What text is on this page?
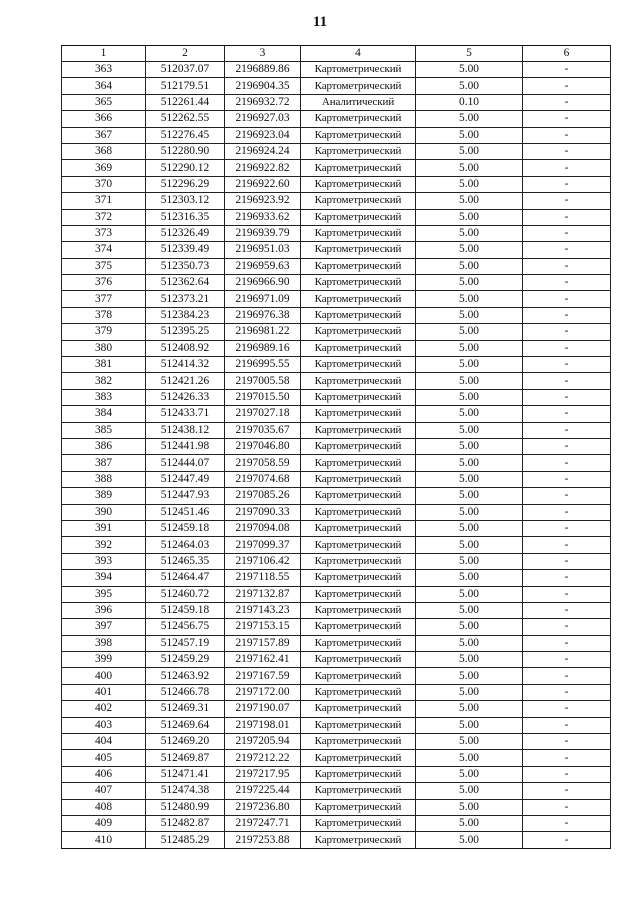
11
1	2	3	4	5	6
363	512037.07	2196889.86	Картометрический	5.00	-
364	512179.51	2196904.35	Картометрический	5.00	-
365	512261.44	2196932.72	Аналитический	0.10	-
366	512262.55	2196927.03	Картометрический	5.00	-
367	512276.45	2196923.04	Картометрический	5.00	-
368	512280.90	2196924.24	Картометрический	5.00	-
369	512290.12	2196922.82	Картометрический	5.00	-
370	512296.29	2196922.60	Картометрический	5.00	-
371	512303.12	2196923.92	Картометрический	5.00	-
372	512316.35	2196933.62	Картометрический	5.00	-
373	512326.49	2196939.79	Картометрический	5.00	-
374	512339.49	2196951.03	Картометрический	5.00	-
375	512350.73	2196959.63	Картометрический	5.00	-
376	512362.64	2196966.90	Картометрический	5.00	-
377	512373.21	2196971.09	Картометрический	5.00	-
378	512384.23	2196976.38	Картометрический	5.00	-
379	512395.25	2196981.22	Картометрический	5.00	-
380	512408.92	2196989.16	Картометрический	5.00	-
381	512414.32	2196995.55	Картометрический	5.00	-
382	512421.26	2197005.58	Картометрический	5.00	-
383	512426.33	2197015.50	Картометрический	5.00	-
384	512433.71	2197027.18	Картометрический	5.00	-
385	512438.12	2197035.67	Картометрический	5.00	-
386	512441.98	2197046.80	Картометрический	5.00	-
387	512444.07	2197058.59	Картометрический	5.00	-
388	512447.49	2197074.68	Картометрический	5.00	-
389	512447.93	2197085.26	Картометрический	5.00	-
390	512451.46	2197090.33	Картометрический	5.00	-
391	512459.18	2197094.08	Картометрический	5.00	-
392	512464.03	2197099.37	Картометрический	5.00	-
393	512465.35	2197106.42	Картометрический	5.00	-
394	512464.47	2197118.55	Картометрический	5.00	-
395	512460.72	2197132.87	Картометрический	5.00	-
396	512459.18	2197143.23	Картометрический	5.00	-
397	512456.75	2197153.15	Картометрический	5.00	-
398	512457.19	2197157.89	Картометрический	5.00	-
399	512459.29	2197162.41	Картометрический	5.00	-
400	512463.92	2197167.59	Картометрический	5.00	-
401	512466.78	2197172.00	Картометрический	5.00	-
402	512469.31	2197190.07	Картометрический	5.00	-
403	512469.64	2197198.01	Картометрический	5.00	-
404	512469.20	2197205.94	Картометрический	5.00	-
405	512469.87	2197212.22	Картометрический	5.00	-
406	512471.41	2197217.95	Картометрический	5.00	-
407	512474.38	2197225.44	Картометрический	5.00	-
408	512480.99	2197236.80	Картометрический	5.00	-
409	512482.87	2197247.71	Картометрический	5.00	-
410	512485.29	2197253.88	Картометрический	5.00	-
